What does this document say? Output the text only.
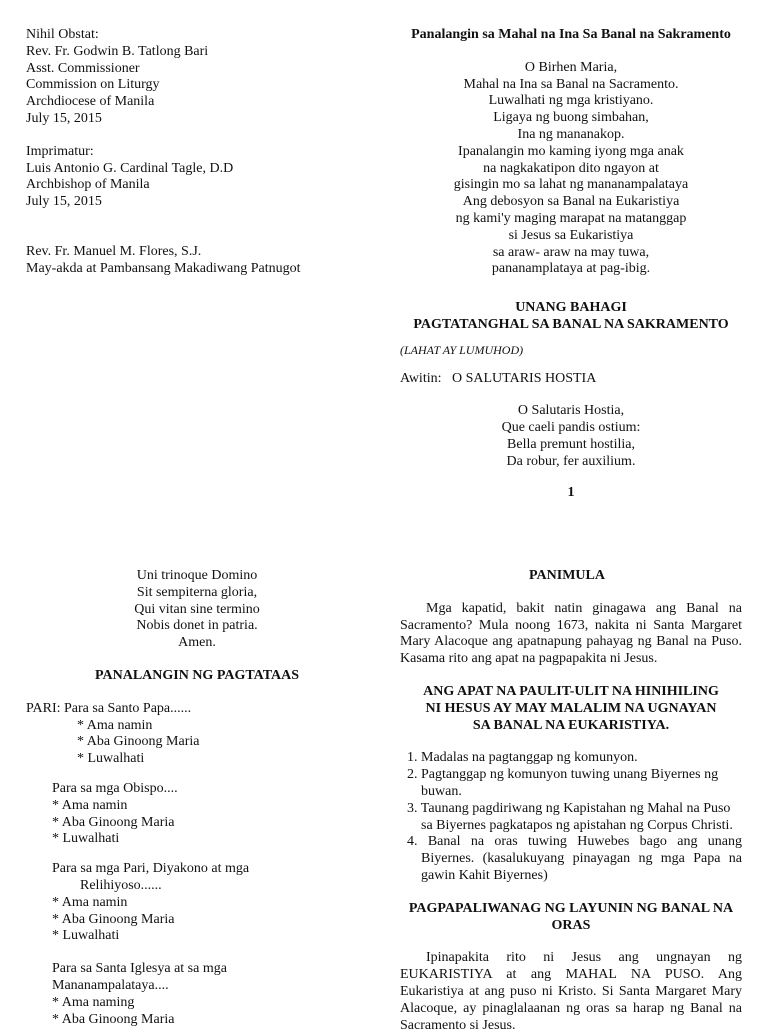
Nihil Obstat:

Rev. Fr. Godwin B. Tatlong Bari

Asst. Commissioner

Commission on Liturgy

Archdiocese of Manila

July 15, 2015

Imprimatur:

Luis Antonio G. Cardinal Tagle, D.D

Archbishop of Manila

July 15, 2015

Rev. Fr. Manuel M. Flores, S.J.

May-akda at Pambansang Makadiwang Patnugot

Panalangin sa Mahal na Ina Sa Banal na Sakramento

O Birhen Maria,

Mahal na Ina sa Banal na Sacramento.

Luwalhati ng mga kristiyano.

Ligaya ng buong simbahan,

Ina ng mananakop.

Ipanalangin mo kaming iyong mga anak

na nagkakatipon dito ngayon at

gisingin mo sa lahat ng mananampalataya

Ang debosyon sa Banal na Eukaristiya

ng kami'y maging marapat na matanggap

si Jesus sa Eukaristiya

sa araw- araw na may tuwa,

pananamplataya at pag-ibig.

UNANG BAHAGI

PAGTATANGHAL SA BANAL NA SAKRAMENTO

(LAHAT AY LUMUHOD)

Awitin: O SALUTARIS HOSTIA

O Salutaris Hostia,

Que caeli pandis ostium:

Bella premunt hostilia,

Da robur, fer auxilium.

1

Uni trinoque Domino

Sit sempiterna gloria,

Qui vitan sine termino

Nobis donet in patria.

Amen.

PANALANGIN NG PAGTATAAS

PARI: Para sa Santo Papa......

* Ama namin

* Aba Ginoong Maria

* Luwalhati

Para sa mga Obispo....

* Ama namin

* Aba Ginoong Maria

* Luwalhati

Para sa mga Pari, Diyakono at mga

Relihiyoso......

* Ama namin

* Aba Ginoong Maria

* Luwalhati

Para sa Santa Iglesya at sa mga

Mananampalataya....

* Ama naming

* Aba Ginoong Maria

PANIMULA

Mga kapatid, bakit natin ginagawa ang Banal na Sacramento? Mula noong 1673, nakita ni Santa Margaret Mary Alacoque ang apatnapung pahayag ng Banal na Puso. Kasama rito ang apat na pagpapakita ni Jesus.

ANG APAT NA PAULIT-ULIT NA HINIHILING

NI HESUS AY MAY MALALIM NA UGNAYAN

SA BANAL NA EUKARISTIYA.

1. Madalas na pagtanggap ng komunyon.

2. Pagtanggap ng komunyon tuwing unang Biyernes ng buwan.

3. Taunang pagdiriwang ng Kapistahan ng Mahal na Puso sa Biyernes pagkatapos ng apistahan ng Corpus Christi.

4. Banal na oras tuwing Huwebes bago ang unang Biyernes. (kasalukuyang pinayagan ng mga Papa na gawin Kahit Biyernes)

PAGPAPALIWANAG NG LAYUNIN NG BANAL NA ORAS

Ipinapakita rito ni Jesus ang ungnayan ng EUKARISTIYA at ang MAHAL NA PUSO. Ang Eukaristiya at ang puso ni Kristo. Si Santa Margaret Mary Alacoque, ay pinaglalaanan ng oras sa harap ng Banal na Sacramento si Jesus.
